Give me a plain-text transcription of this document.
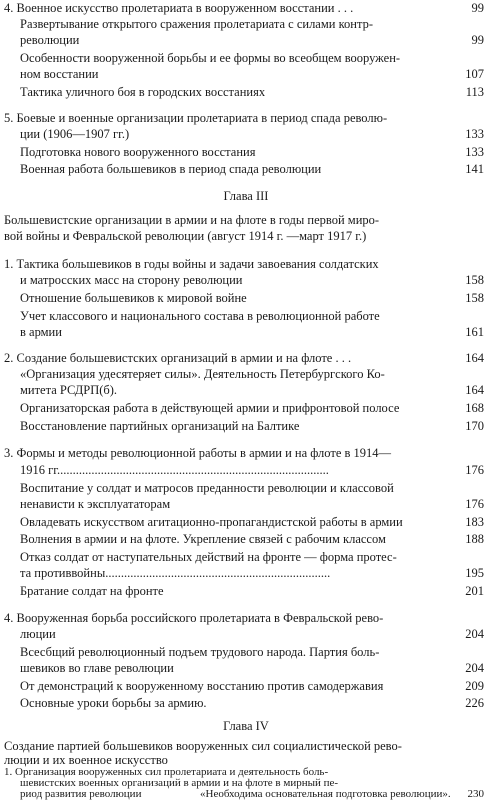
4. Военное искусство пролетариата в вооруженном восстании . . .	99
Развертывание открытого сражения пролетариата с силами контр-
революции	99
Особенности вооруженной борьбы и ее формы во всеобщем вооружен-
ном восстании	107
Тактика уличного боя в городских восстаниях	113
5. Боевые и военные организации пролетариата в период спада револю-
ции (1906—1907 гг.)	133
Подготовка нового вооруженного восстания	133
Военная работа большевиков в период спада революции	141
Глава III
Большевистские организации в армии и на флоте в годы первой миро-
вой войны и Февральской революции (август 1914 г. —март 1917 г.)
1. Тактика большевиков в годы войны и задачи завоевания солдатских
и матросских масс на сторону революции	158
Отношение большевиков к мировой войне	158
Учет классового и национального состава в революционной работе
в армии	161
2. Создание большевистских организаций в армии и на флоте . . .	164
«Организация удесятеряет силы». Деятельность Петербургского Ко-
митета РСДРП(б).	164
Организаторская работа в действующей армии и прифронтовой полосе	168
Восстановление партийных организаций на Балтике	170
3. Формы и методы революционной работы в армии и на флоте в 1914—
1916 гг.......................................................................................	176
Воспитание у солдат и матросов преданности революции и классовой
ненависти к эксплуататорам	176
Овладевать искусством агитационно-пропагандистской работы в армии	183
Волнения в армии и на флоте. Укрепление связей с рабочим классом	188
Отказ солдат от наступательных действий на фронте — форма протес-
та противвойны........................................................................	195
Братание солдат на фронте	201
4. Вооруженная борьба российского пролетариата в Февральской рево-
люции	204
Всесбщий революционный подъем трудового народа. Партия боль-
шевиков во главе революции	204
От демонстраций к вооруженному восстанию против самодержавия	209
Основные уроки борьбы за армию.	226
Глава IV
Создание партией большевиков вооруженных сил социалистической рево-
люции и их военное искусство
1. Организация вооруженных сил пролетариата и деятельность боль-
шевистских военных организаций в армии и на флоте в мирный пе-
риод развития революции	230
«Необходима основательная подготовка революции».
